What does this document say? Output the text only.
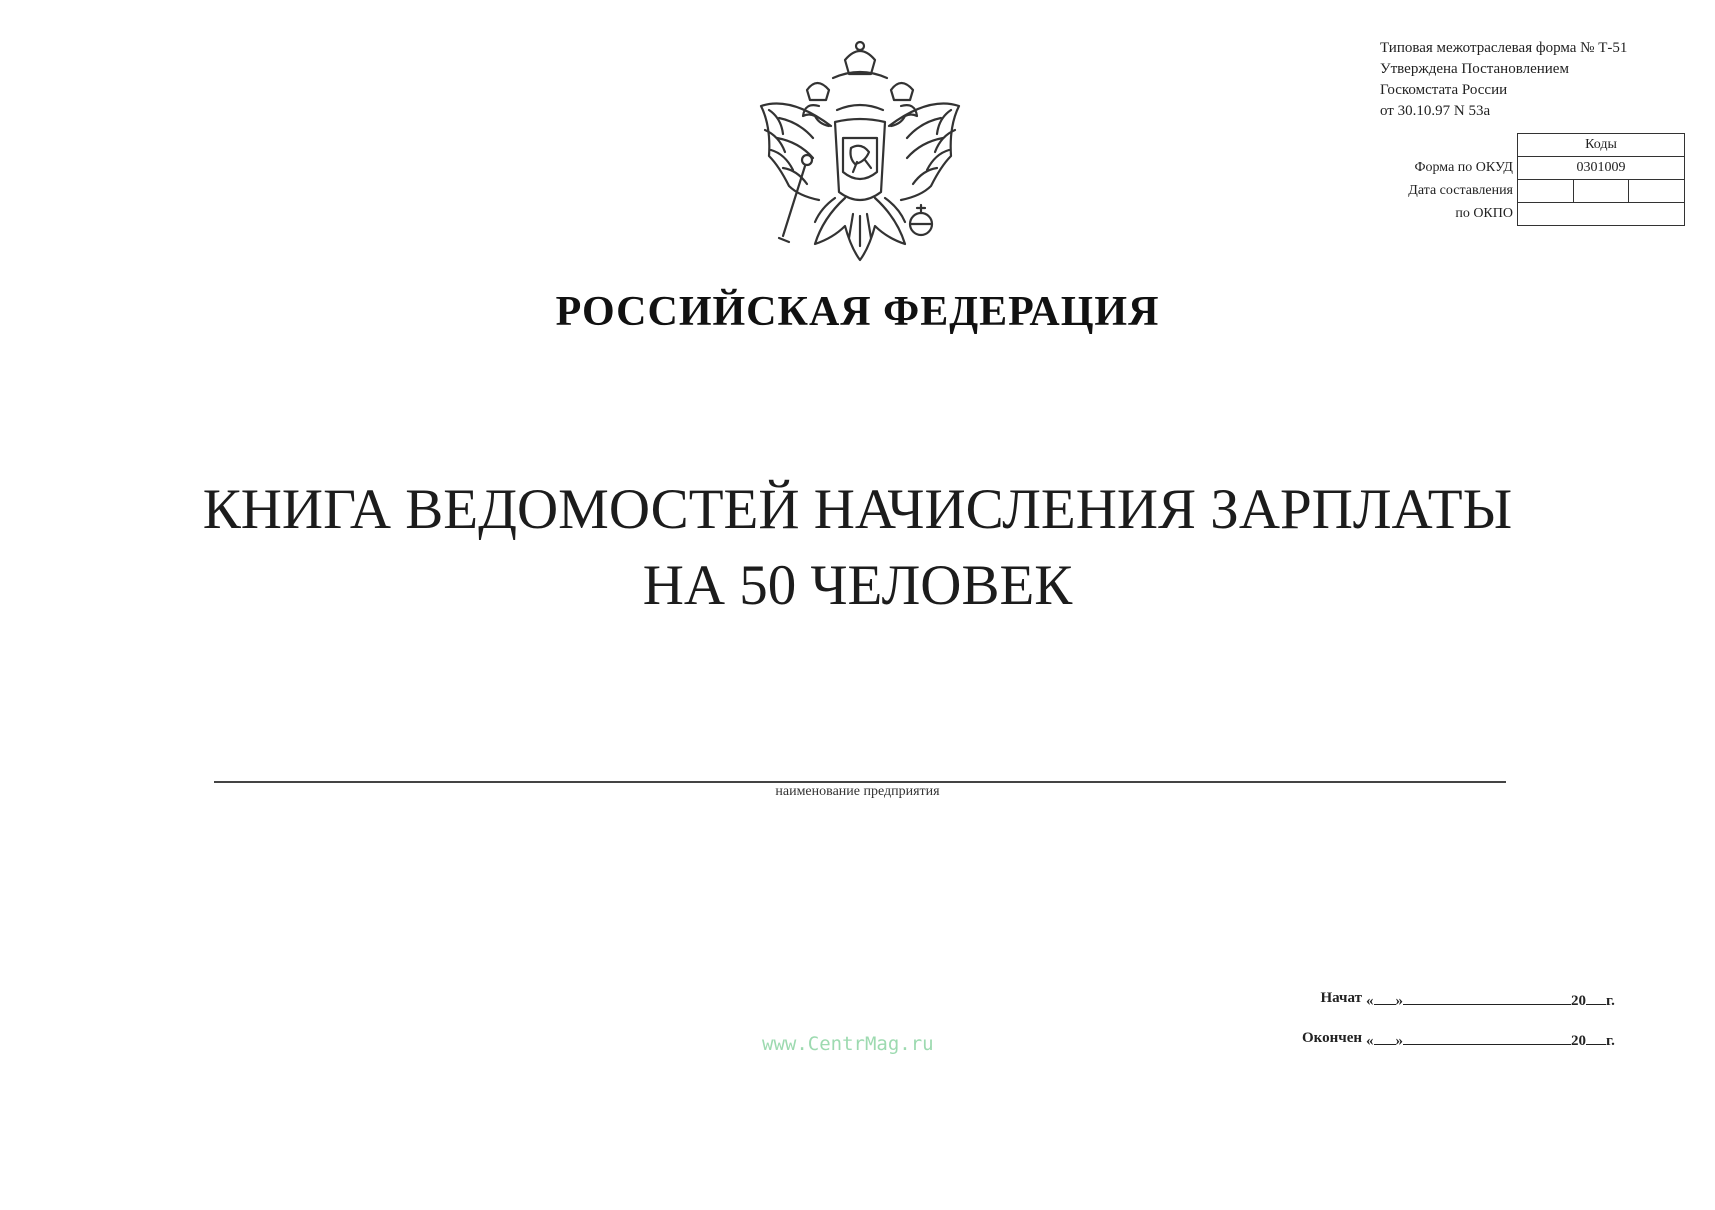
РОССИЙСКАЯ ФЕДЕРАЦИЯ
Типовая межотраслевая форма № Т-51
Утверждена Постановлением
Госкомстата России
от 30.10.97 N 53а
	Коды
Форма по ОКУД	0301009
Дата составления	

по ОКПО	
КНИГА ВЕДОМОСТЕЙ НАЧИСЛЕНИЯ ЗАРПЛАТЫ
НА 50 ЧЕЛОВЕК
наименование предприятия
www.CentrMag.ru
Начат « »	20 г.
Окончен « »	20 г.
